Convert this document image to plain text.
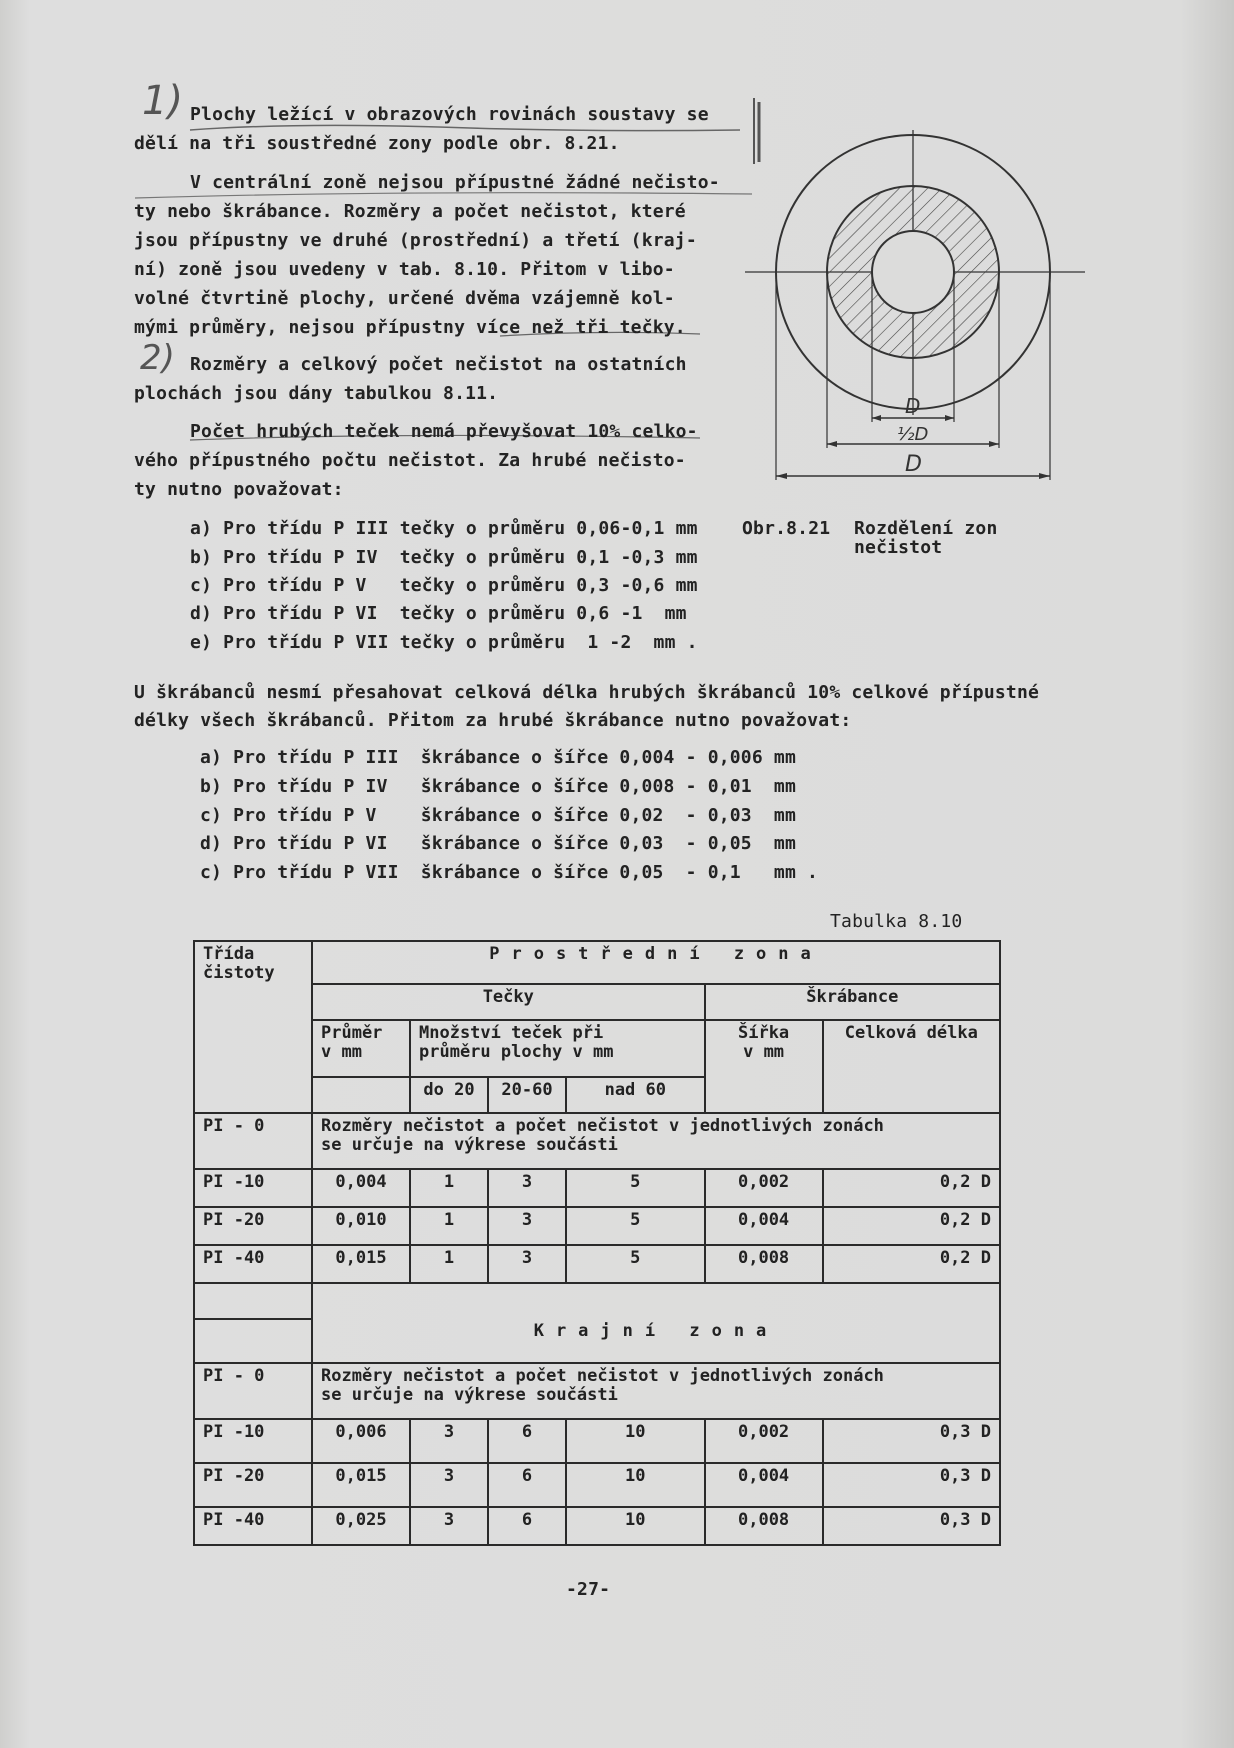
1)
2)
Plochy ležící v obrazových rovinách soustavy se
dělí na tři soustředné zony podle obr. 8.21.
V centrální zoně nejsou přípustné žádné nečisto-
ty nebo škrábance. Rozměry a počet nečistot, které
jsou přípustny ve druhé (prostřední) a třetí (kraj-
ní) zoně jsou uvedeny v tab. 8.10. Přitom v libo-
volné čtvrtině plochy, určené dvěma vzájemně kol-
mými průměry, nejsou přípustny více než tři tečky.
Rozměry a celkový počet nečistot na ostatních
plochách jsou dány tabulkou 8.11.
Počet hrubých teček nemá převyšovat 10% celko-
vého přípustného počtu nečistot. Za hrubé nečisto-
ty nutno považovat:
a) Pro třídu P III tečky o průměru 0,06-0,1 mm
b) Pro třídu P IV  tečky o průměru 0,1 -0,3 mm
c) Pro třídu P V   tečky o průměru 0,3 -0,6 mm
d) Pro třídu P VI  tečky o průměru 0,6 -1  mm
e) Pro třídu P VII tečky o průměru  1 -2  mm .
D
½D
D
Obr.8.21 Rozdělení zon
nečistot
U škrábanců nesmí přesahovat celková délka hrubých škrábanců 10% celkové přípustné
délky všech škrábanců. Přitom za hrubé škrábance nutno považovat:
a) Pro třídu P III  škrábance o šířce 0,004 - 0,006 mm
b) Pro třídu P IV   škrábance o šířce 0,008 - 0,01  mm
c) Pro třídu P V    škrábance o šířce 0,02  - 0,03  mm
d) Pro třídu P VI   škrábance o šířce 0,03  - 0,05  mm
c) Pro třídu P VII  škrábance o šířce 0,05  - 0,1   mm .
Tabulka 8.10
Třída
čistoty	Prostřední zona					
	Tečky				Škrábance	
	Průměr
v mm	Množství teček při
průměru plochy v mm			Šířka
v mm	Celková délka
		do 20	20-60	nad 60		
PI - 0	Rozměry nečistot a počet nečistot v jednotlivých zonách
se určuje na výkrese součásti					
PI -10	0,004	1	3	5	0,002	0,2 D
PI -20	0,010	1	3	5	0,004	0,2 D
PI -40	0,015	1	3	5	0,008	0,2 D

	Krajní zona					
PI - 0	Rozměry nečistot a počet nečistot v jednotlivých zonách
se určuje na výkrese součásti					
PI -10	0,006	3	6	10	0,002	0,3 D
PI -20	0,015	3	6	10	0,004	0,3 D
PI -40	0,025	3	6	10	0,008	0,3 D
-27-
